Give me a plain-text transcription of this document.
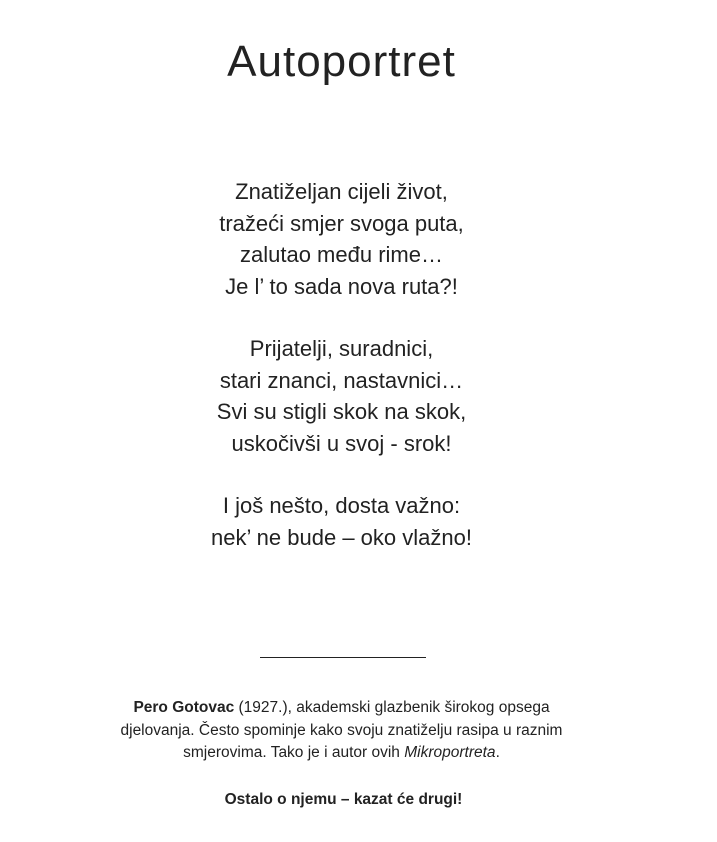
Autoportret

Znatiželjan cijeli život,
tražeći smjer svoga puta,
zalutao među rime…
Je l’ to sada nova ruta?!

Prijatelji, suradnici,
stari znanci, nastavnici…
Svi su stigli skok na skok,
uskočivši u svoj - srok!

I još nešto, dosta važno:
nek’ ne bude – oko vlažno!

Pero Gotovac (1927.), akademski glazbenik širokog opsega
djelovanja. Često spominje kako svoju znatiželju rasipa u raznim
smjerovima. Tako je i autor ovih Mikroportreta.
Ostalo o njemu – kazat će drugi!
